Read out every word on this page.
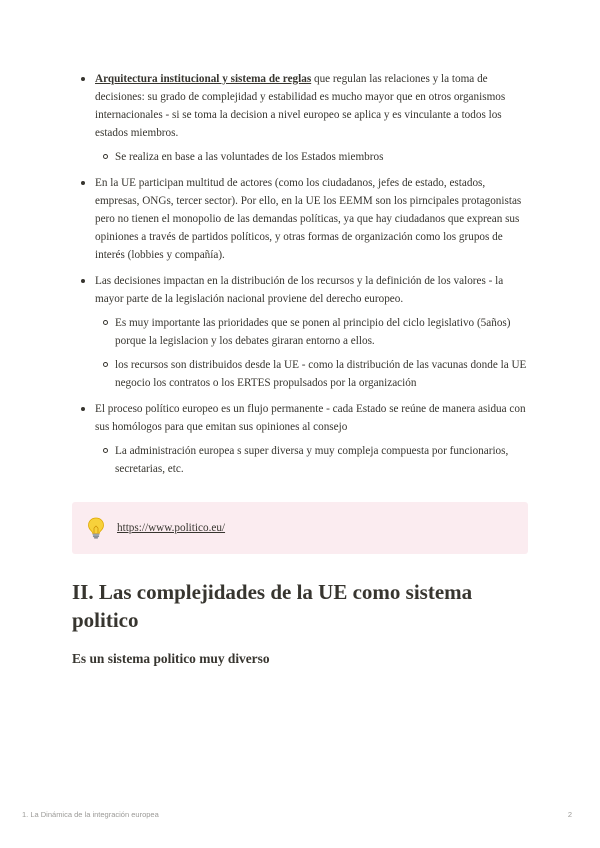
Arquitectura institucional y sistema de reglas que regulan las relaciones y la toma de decisiones: su grado de complejidad y estabilidad es mucho mayor que en otros organismos internacionales - si se toma la decision a nivel europeo se aplica y es vinculante a todos los estados miembros.
Se realiza en base a las voluntades de los Estados miembros
En la UE participan multitud de actores (como los ciudadanos, jefes de estado, estados, empresas, ONGs, tercer sector). Por ello, en la UE los EEMM son los pirncipales protagonistas pero no tienen el monopolio de las demandas políticas, ya que hay ciudadanos que exprean sus opiniones a través de partidos políticos, y otras formas de organización como los grupos de interés (lobbies y compañía).
Las decisiones impactan en la distribución de los recursos y la definición de los valores - la mayor parte de la legislación nacional proviene del derecho europeo.
Es muy importante las prioridades que se ponen al principio del ciclo legislativo (5años) porque la legislacion y los debates giraran entorno a ellos.
los recursos son distribuidos desde la UE - como la distribución de las vacunas donde la UE negocio los contratos o los ERTES propulsados por la organización
El proceso político europeo es un flujo permanente - cada Estado se reúne de manera asidua con sus homólogos para que emitan sus opiniones al consejo
La administración europea s super diversa y muy compleja compuesta por funcionarios, secretarias, etc.
https://www.politico.eu/
II. Las complejidades de la UE como sistema politico
Es un sistema politico muy diverso
1. La Dinámica de la integración europea	2
